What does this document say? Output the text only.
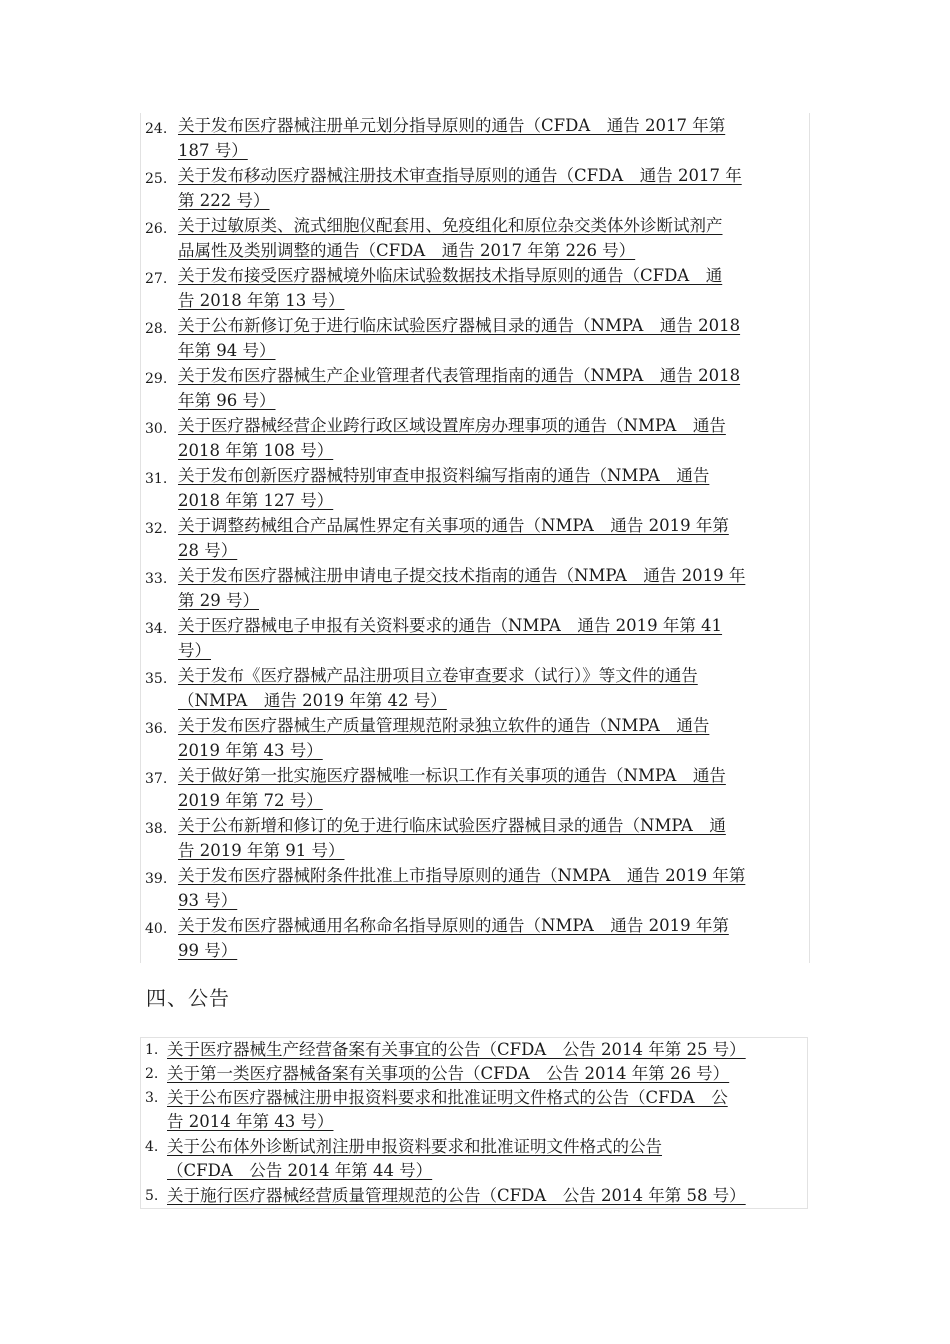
24. 关于发布医疗器械注册单元划分指导原则的通告（CFDA　通告 2017 年第
187 号）
25. 关于发布移动医疗器械注册技术审查指导原则的通告（CFDA　通告 2017 年
第 222 号）
26. 关于过敏原类、流式细胞仪配套用、免疫组化和原位杂交类体外诊断试剂产
品属性及类别调整的通告（CFDA　通告 2017 年第 226 号）
27. 关于发布接受医疗器械境外临床试验数据技术指导原则的通告（CFDA　通
告 2018 年第 13 号）
28. 关于公布新修订免于进行临床试验医疗器械目录的通告（NMPA　通告 2018
年第 94 号）
29. 关于发布医疗器械生产企业管理者代表管理指南的通告（NMPA　通告 2018
年第 96 号）
30. 关于医疗器械经营企业跨行政区域设置库房办理事项的通告（NMPA　通告
2018 年第 108 号）
31. 关于发布创新医疗器械特别审查申报资料编写指南的通告（NMPA　通告
2018 年第 127 号）
32. 关于调整药械组合产品属性界定有关事项的通告（NMPA　通告 2019 年第
28 号）
33. 关于发布医疗器械注册申请电子提交技术指南的通告（NMPA　通告 2019 年
第 29 号）
34. 关于医疗器械电子申报有关资料要求的通告（NMPA　通告 2019 年第 41
号）
35. 关于发布《医疗器械产品注册项目立卷审查要求（试行）》等文件的通告
（NMPA　通告 2019 年第 42 号）
36. 关于发布医疗器械生产质量管理规范附录独立软件的通告（NMPA　通告
2019 年第 43 号）
37. 关于做好第一批实施医疗器械唯一标识工作有关事项的通告（NMPA　通告
2019 年第 72 号）
38. 关于公布新增和修订的免于进行临床试验医疗器械目录的通告（NMPA　通
告 2019 年第 91 号）
39. 关于发布医疗器械附条件批准上市指导原则的通告（NMPA　通告 2019 年第
93 号）
40. 关于发布医疗器械通用名称命名指导原则的通告（NMPA　通告 2019 年第
99 号）
四、公告
1. 关于医疗器械生产经营备案有关事宜的公告（CFDA　公告 2014 年第 25 号）
2. 关于第一类医疗器械备案有关事项的公告（CFDA　公告 2014 年第 26 号）
3. 关于公布医疗器械注册申报资料要求和批准证明文件格式的公告（CFDA　公
告 2014 年第 43 号）
4. 关于公布体外诊断试剂注册申报资料要求和批准证明文件格式的公告
（CFDA　公告 2014 年第 44 号）
5. 关于施行医疗器械经营质量管理规范的公告（CFDA　公告 2014 年第 58 号）
